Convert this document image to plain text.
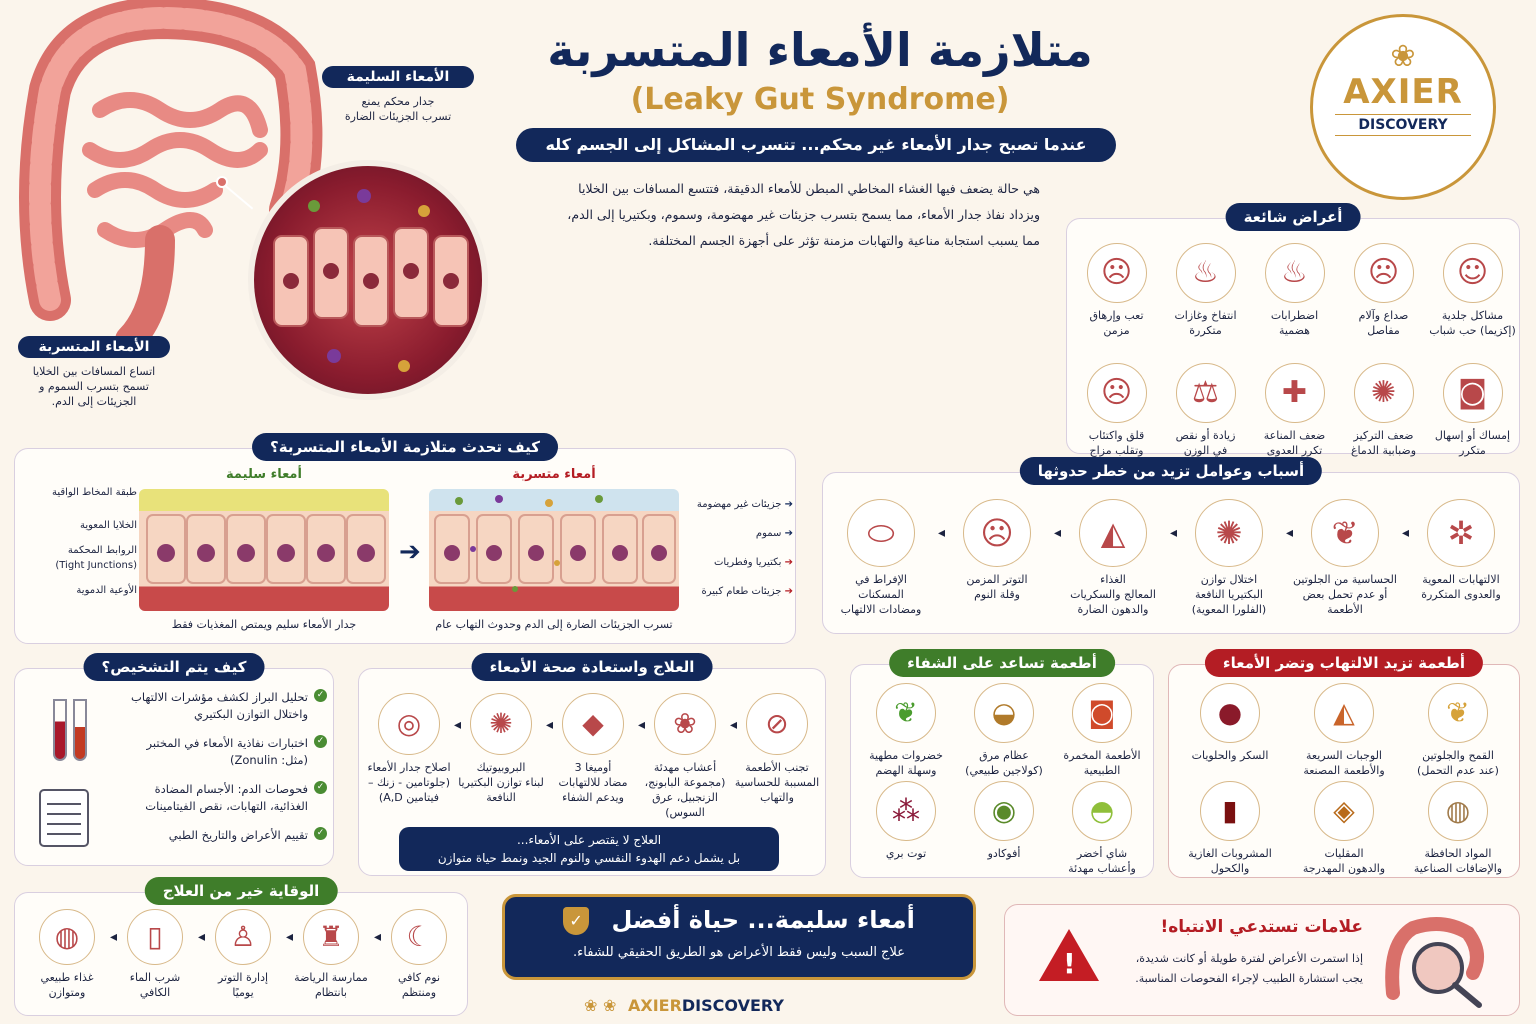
الأمعاء السليمة
جدار محكم يمنع
تسرب الجزيئات الضارة
الأمعاء المتسربة
اتساع المسافات بين الخلايا
تسمح بتسرب السموم و
الجزيئات إلى الدم.
متلازمة الأمعاء المتسربة
(Leaky Gut Syndrome)
عندما تصبح جدار الأمعاء غير محكم... تتسرب المشاكل إلى الجسم كله
هي حالة يضعف فيها الغشاء المخاطي المبطن للأمعاء الدقيقة، فتتسع المسافات بين الخلايا
ويزداد نفاذ جدار الأمعاء، مما يسمح بتسرب جزيئات غير مهضومة، وسموم، وبكتيريا إلى الدم،
مما يسبب استجابة مناعية والتهابات مزمنة تؤثر على أجهزة الجسم المختلفة.
❀
AXIER
DISCOVERY
أعراض شائعة
☺
مشاكل جلدية
(إكزيما) حب شباب
☹
صداع وآلام
مفاصل
♨
اضطرابات
هضمية
♨
انتفاخ وغازات
متكررة
☹
تعب وإرهاق
مزمن
◙
إمساك أو إسهال
متكرر
✺
ضعف التركيز
وضبابية الدماغ
✚
ضعف المناعة
تكرر العدوى
⚖
زيادة أو نقص
في الوزن
☹
قلق واكتئاب
وتقلب مزاج
كيف تحدث متلازمة الأمعاء المتسربة؟
طبقة المخاط الواقية
الخلايا المعوية
الروابط المحكمة
(Tight Junctions)
الأوعية الدموية
أمعاء سليمة
➔
أمعاء متسربة
➔ جزيئات غير مهضومة
➔ سموم
➔ بكتيريا وفطريات
➔ جزيئات طعام كبيرة
جدار الأمعاء سليم ويمتص المغذيات فقط	تسرب الجزيئات الضارة إلى الدم وحدوث التهاب عام
أسباب وعوامل تزيد من خطر حدوثها
✲
الالتهابات المعوية
والعدوى المتكررة
❦
الحساسية من الجلوتين
أو عدم تحمل بعض
الأطعمة
✺
اختلال توازن
البكتيريا النافعة
(الفلورا المعوية)
◭
الغذاء
المعالج والسكريات
والدهون الضارة
☹
التوتر المزمن
وقلة النوم
⬭
الإفراط في
المسكنات
ومضادات الالتهاب
◂
◂
◂
◂
◂
كيف يتم التشخيص؟
✓
تحليل البراز لكشف مؤشرات الالتهاب
واختلال التوازن البكتيري
✓
اختبارات نفاذية الأمعاء في المختبر
(مثل: Zonulin)
✓
فحوصات الدم: الأجسام المضادة
الغذائية، التهابات، نقص الفيتامينات
✓
تقييم الأعراض والتاريخ الطبي
العلاج واستعادة صحة الأمعاء
⊘
تجنب الأطعمة
المسببة للحساسية
والتهاب
❀
أعشاب مهدئة
(مجموعة البابونج،
الزنجبيل، عرق السوس)
◆
أوميغا 3
مضاد للالتهابات
ويدعم الشفاء
✺
البروبيوتيك
لبناء توازن البكتيريا
النافعة
◎
اصلاح جدار الأمعاء
(جلوتامين - زنك –
فيتامين A,D)
◂
◂
◂
◂
العلاج لا يقتصر على الأمعاء...
بل يشمل دعم الهدوء النفسي والنوم الجيد ونمط حياة متوازن
أطعمة تساعد على الشفاء
◙
الأطعمة المخمرة
الطبيعية
◒
عظام مرق
(كولاجين طبيعي)
❦
خضروات مطهية
وسهلة الهضم
◓
شاي أخضر
وأعشاب مهدئة
◉
أفوكادو
⁂
توت بري
أطعمة تزيد الالتهاب وتضر الأمعاء
❦
القمح والجلوتين
(عند عدم التحمل)
◭
الوجبات السريعة
والأطعمة المصنعة
●
السكر والحلويات
◍
المواد الحافظة
والإضافات الصناعية
◈
المقليات
والدهون المهدرجة
▮
المشروبات الغازية
والكحول
الوقاية خير من العلاج
☾
نوم كافي
ومنتظم
♜
ممارسة الرياضة
بانتظام
♙
إدارة التوتر
يوميًا
▯
شرب الماء
الكافي
◍
غذاء طبيعي
ومتوازن
◂
◂
◂
◂
أمعاء سليمة... حياة أفضل ✓
علاج السبب وليس فقط الأعراض هو الطريق الحقيقي للشفاء.
❀ ❀ AXIERDISCOVERY
!
علامات تستدعي الانتباه!
إذا استمرت الأعراض لفترة طويلة أو كانت شديدة،
يجب استشارة الطبيب لإجراء الفحوصات المناسبة.
